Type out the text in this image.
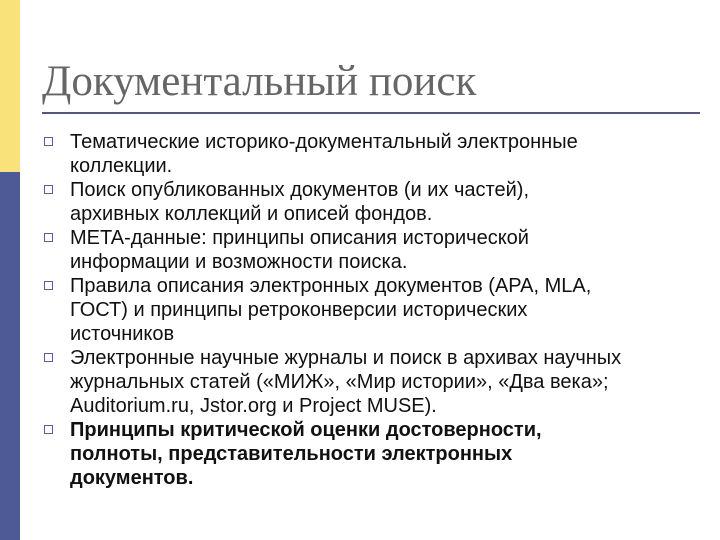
Документальный поиск
Тематические историко-документальный электронные
коллекции.
Поиск опубликованных документов (и их частей),
архивных коллекций и описей фондов.
META-данные: принципы описания исторической
информации и возможности поиска.
Правила описания электронных документов (APA, MLA,
ГОСТ) и принципы ретроконверсии исторических
источников
Электронные научные журналы и поиск в архивах научных
журнальных статей («МИЖ», «Мир истории», «Два века»;
Auditorium.ru, Jstor.org и Project MUSE).
Принципы критической оценки достоверности,
полноты, представительности электронных
документов.
